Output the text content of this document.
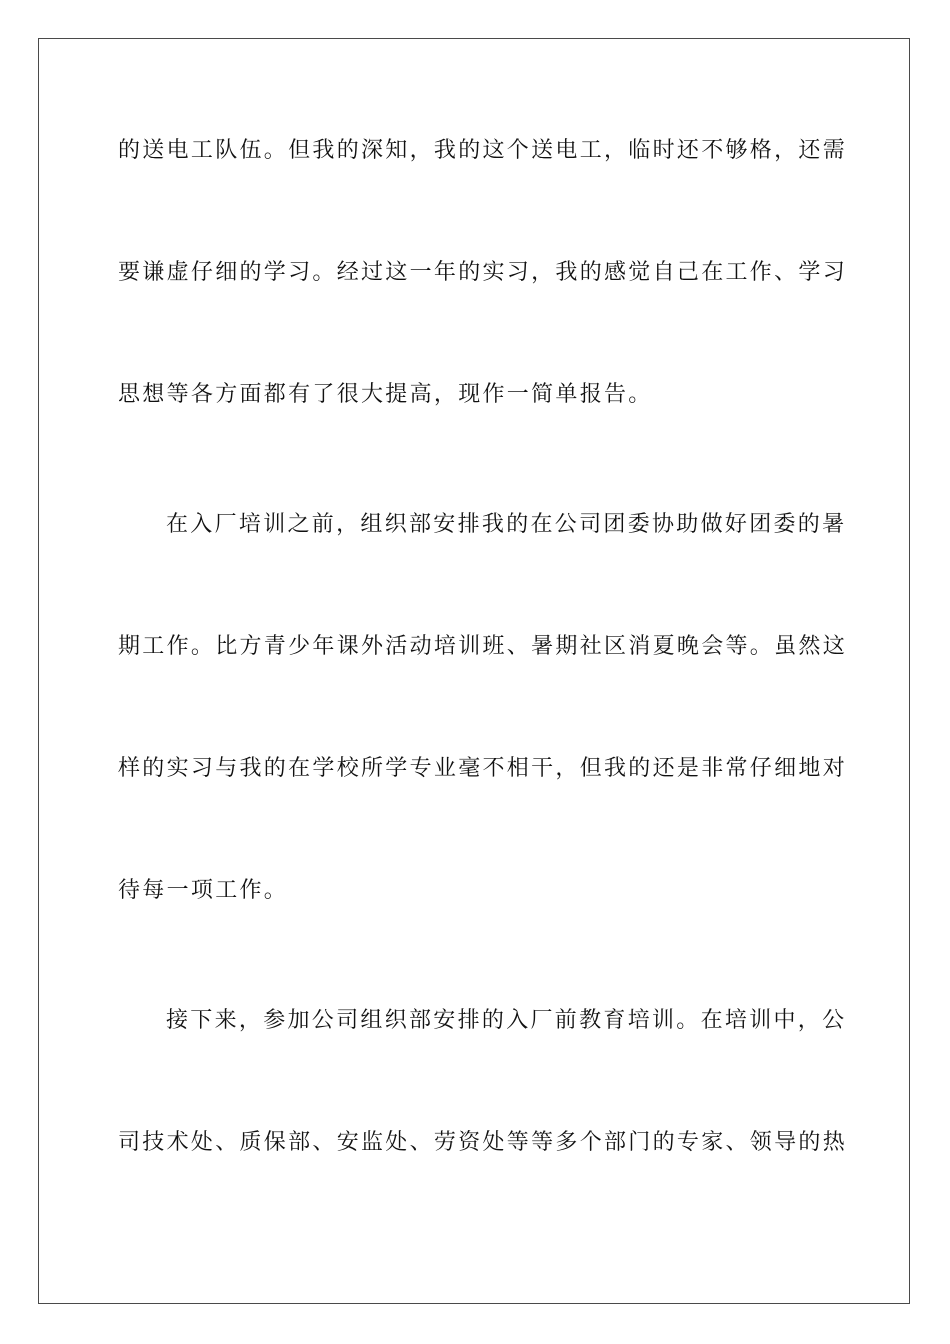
的送电工队伍。但我的深知，我的这个送电工，临时还不够格，还需
要谦虚仔细的学习。经过这一年的实习，我的感觉自己在工作、学习
思想等各方面都有了很大提高，现作一简单报告。
在入厂培训之前，组织部安排我的在公司团委协助做好团委的暑
期工作。比方青少年课外活动培训班、暑期社区消夏晚会等。虽然这
样的实习与我的在学校所学专业毫不相干，但我的还是非常仔细地对
待每一项工作。
接下来，参加公司组织部安排的入厂前教育培训。在培训中，公
司技术处、质保部、安监处、劳资处等等多个部门的专家、领导的热
